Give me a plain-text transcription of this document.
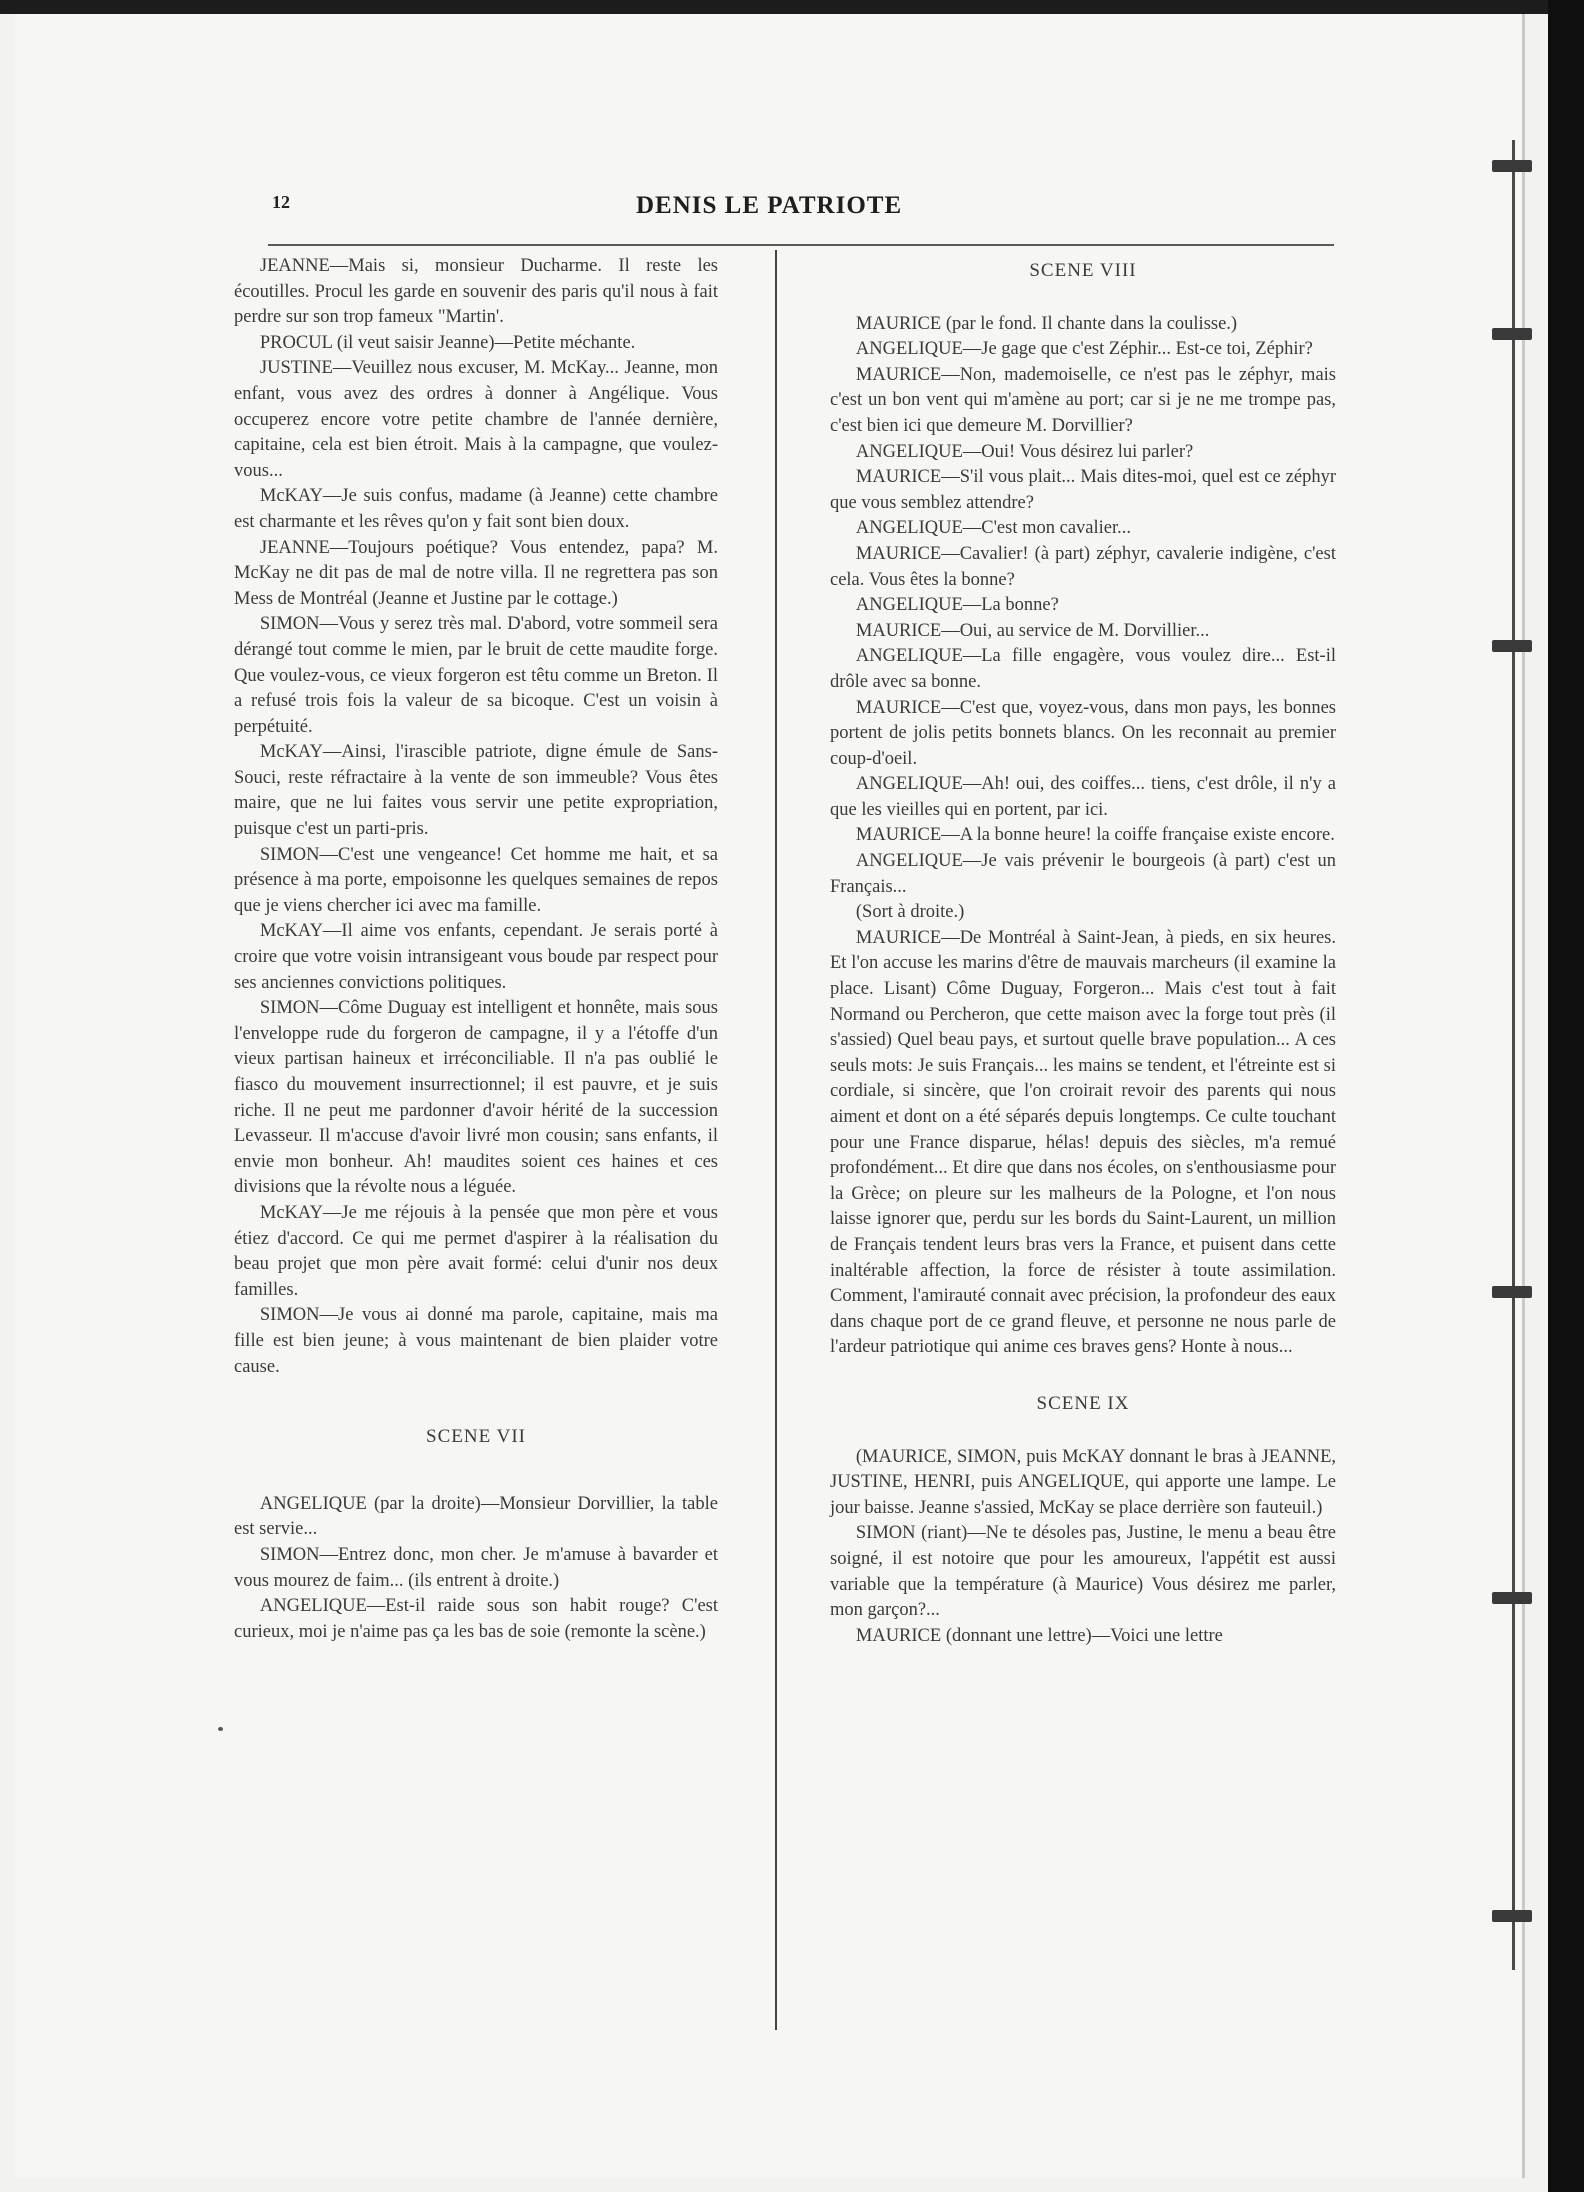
12	DENIS LE PATRIOTE

JEANNE—Mais si, monsieur Ducharme. Il reste les écoutilles. Procul les garde en souvenir des paris qu'il nous à fait perdre sur son trop fameux "Martin'.

PROCUL (il veut saisir Jeanne)—Petite méchante.

JUSTINE—Veuillez nous excuser, M. McKay... Jeanne, mon enfant, vous avez des ordres à donner à Angélique. Vous occuperez encore votre petite chambre de l'année dernière, capitaine, cela est bien étroit. Mais à la campagne, que voulez-vous...

McKAY—Je suis confus, madame (à Jeanne) cette chambre est charmante et les rêves qu'on y fait sont bien doux.

JEANNE—Toujours poétique? Vous entendez, papa? M. McKay ne dit pas de mal de notre villa. Il ne regrettera pas son Mess de Montréal (Jeanne et Justine par le cottage.)

SIMON—Vous y serez très mal. D'abord, votre sommeil sera dérangé tout comme le mien, par le bruit de cette maudite forge. Que voulez-vous, ce vieux forgeron est têtu comme un Breton. Il a refusé trois fois la valeur de sa bicoque. C'est un voisin à perpétuité.

McKAY—Ainsi, l'irascible patriote, digne émule de Sans-Souci, reste réfractaire à la vente de son immeuble? Vous êtes maire, que ne lui faites vous servir une petite expropriation, puisque c'est un parti-pris.

SIMON—C'est une vengeance! Cet homme me hait, et sa présence à ma porte, empoisonne les quelques semaines de repos que je viens chercher ici avec ma famille.

McKAY—Il aime vos enfants, cependant. Je serais porté à croire que votre voisin intransigeant vous boude par respect pour ses anciennes convictions politiques.

SIMON—Côme Duguay est intelligent et honnête, mais sous l'enveloppe rude du forgeron de campagne, il y a l'étoffe d'un vieux partisan haineux et irréconciliable. Il n'a pas oublié le fiasco du mouvement insurrectionnel; il est pauvre, et je suis riche. Il ne peut me pardonner d'avoir hérité de la succession Levasseur. Il m'accuse d'avoir livré mon cousin; sans enfants, il envie mon bonheur. Ah! maudites soient ces haines et ces divisions que la révolte nous a léguée.

McKAY—Je me réjouis à la pensée que mon père et vous étiez d'accord. Ce qui me permet d'aspirer à la réalisation du beau projet que mon père avait formé: celui d'unir nos deux familles.

SIMON—Je vous ai donné ma parole, capitaine, mais ma fille est bien jeune; à vous maintenant de bien plaider votre cause.

SCENE VII

ANGELIQUE (par la droite)—Monsieur Dorvillier, la table est servie...

SIMON—Entrez donc, mon cher. Je m'amuse à bavarder et vous mourez de faim... (ils entrent à droite.)

ANGELIQUE—Est-il raide sous son habit rouge? C'est curieux, moi je n'aime pas ça les bas de soie (remonte la scène.)

SCENE VIII

MAURICE (par le fond. Il chante dans la coulisse.)

ANGELIQUE—Je gage que c'est Zéphir... Est-ce toi, Zéphir?

MAURICE—Non, mademoiselle, ce n'est pas le zéphyr, mais c'est un bon vent qui m'amène au port; car si je ne me trompe pas, c'est bien ici que demeure M. Dorvillier?

ANGELIQUE—Oui! Vous désirez lui parler?

MAURICE—S'il vous plait... Mais dites-moi, quel est ce zéphyr que vous semblez attendre?

ANGELIQUE—C'est mon cavalier...

MAURICE—Cavalier! (à part) zéphyr, cavalerie indigène, c'est cela. Vous êtes la bonne?

ANGELIQUE—La bonne?

MAURICE—Oui, au service de M. Dorvillier...

ANGELIQUE—La fille engagère, vous voulez dire... Est-il drôle avec sa bonne.

MAURICE—C'est que, voyez-vous, dans mon pays, les bonnes portent de jolis petits bonnets blancs. On les reconnait au premier coup-d'oeil.

ANGELIQUE—Ah! oui, des coiffes... tiens, c'est drôle, il n'y a que les vieilles qui en portent, par ici.

MAURICE—A la bonne heure! la coiffe française existe encore.

ANGELIQUE—Je vais prévenir le bourgeois (à part) c'est un Français...

(Sort à droite.)

MAURICE—De Montréal à Saint-Jean, à pieds, en six heures. Et l'on accuse les marins d'être de mauvais marcheurs (il examine la place. Lisant) Côme Duguay, Forgeron... Mais c'est tout à fait Normand ou Percheron, que cette maison avec la forge tout près (il s'assied) Quel beau pays, et surtout quelle brave population... A ces seuls mots: Je suis Français... les mains se tendent, et l'étreinte est si cordiale, si sincère, que l'on croirait revoir des parents qui nous aiment et dont on a été séparés depuis longtemps. Ce culte touchant pour une France disparue, hélas! depuis des siècles, m'a remué profondément... Et dire que dans nos écoles, on s'enthousiasme pour la Grèce; on pleure sur les malheurs de la Pologne, et l'on nous laisse ignorer que, perdu sur les bords du Saint-Laurent, un million de Français tendent leurs bras vers la France, et puisent dans cette inaltérable affection, la force de résister à toute assimilation. Comment, l'amirauté connait avec précision, la profondeur des eaux dans chaque port de ce grand fleuve, et personne ne nous parle de l'ardeur patriotique qui anime ces braves gens? Honte à nous...

SCENE IX

(MAURICE, SIMON, puis McKAY donnant le bras à JEANNE, JUSTINE, HENRI, puis ANGELIQUE, qui apporte une lampe. Le jour baisse. Jeanne s'assied, McKay se place derrière son fauteuil.)

SIMON (riant)—Ne te désoles pas, Justine, le menu a beau être soigné, il est notoire que pour les amoureux, l'appétit est aussi variable que la température (à Maurice) Vous désirez me parler, mon garçon?...

MAURICE (donnant une lettre)—Voici une lettre
